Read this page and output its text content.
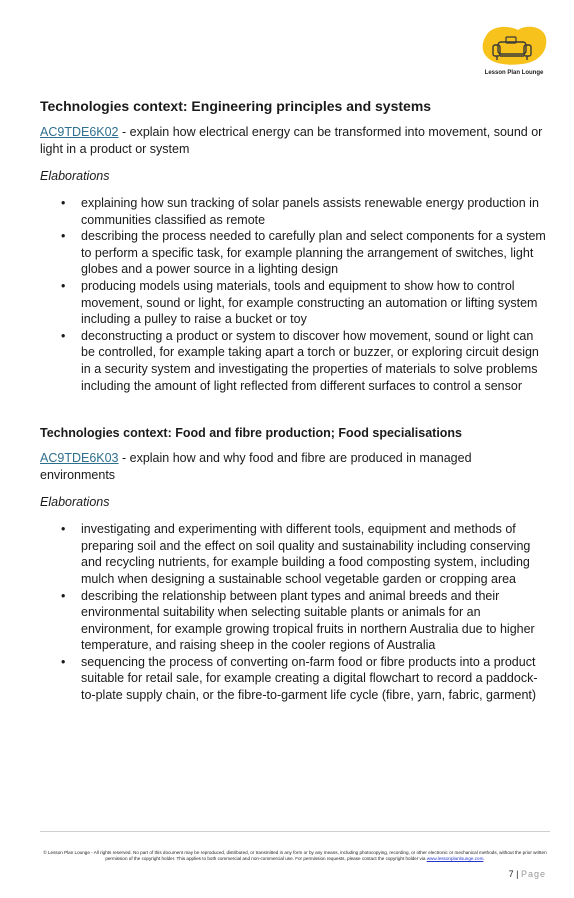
Lesson Plan Lounge
Technologies context: Engineering principles and systems

AC9TDE6K02 - explain how electrical energy can be transformed into movement, sound or light in a product or system

Elaborations

• explaining how sun tracking of solar panels assists renewable energy production in communities classified as remote
• describing the process needed to carefully plan and select components for a system to perform a specific task, for example planning the arrangement of switches, light globes and a power source in a lighting design
• producing models using materials, tools and equipment to show how to control movement, sound or light, for example constructing an automation or lifting system including a pulley to raise a bucket or toy
• deconstructing a product or system to discover how movement, sound or light can be controlled, for example taking apart a torch or buzzer, or exploring circuit design in a security system and investigating the properties of materials to solve problems including the amount of light reflected from different surfaces to control a sensor
Technologies context: Food and fibre production; Food specialisations

AC9TDE6K03 - explain how and why food and fibre are produced in managed environments

Elaborations

• investigating and experimenting with different tools, equipment and methods of preparing soil and the effect on soil quality and sustainability including conserving and recycling nutrients, for example building a food composting system, including mulch when designing a sustainable school vegetable garden or cropping area
• describing the relationship between plant types and animal breeds and their environmental suitability when selecting suitable plants or animals for an environment, for example growing tropical fruits in northern Australia due to higher temperature, and raising sheep in the cooler regions of Australia
• sequencing the process of converting on-farm food or fibre products into a product suitable for retail sale, for example creating a digital flowchart to record a paddock-to-plate supply chain, or the fibre-to-garment life cycle (fibre, yarn, fabric, garment)
© Lesson Plan Lounge - All rights reserved. No part of this document may be reproduced, distributed, or transmitted in any form or by any means, including photocopying, recording, or other electronic or mechanical methods, without the prior written permission of the copyright holder. This applies to both commercial and non-commercial use. For permission requests, please contact the copyright holder via www.lessonplanlounge.com.
7 | Page
